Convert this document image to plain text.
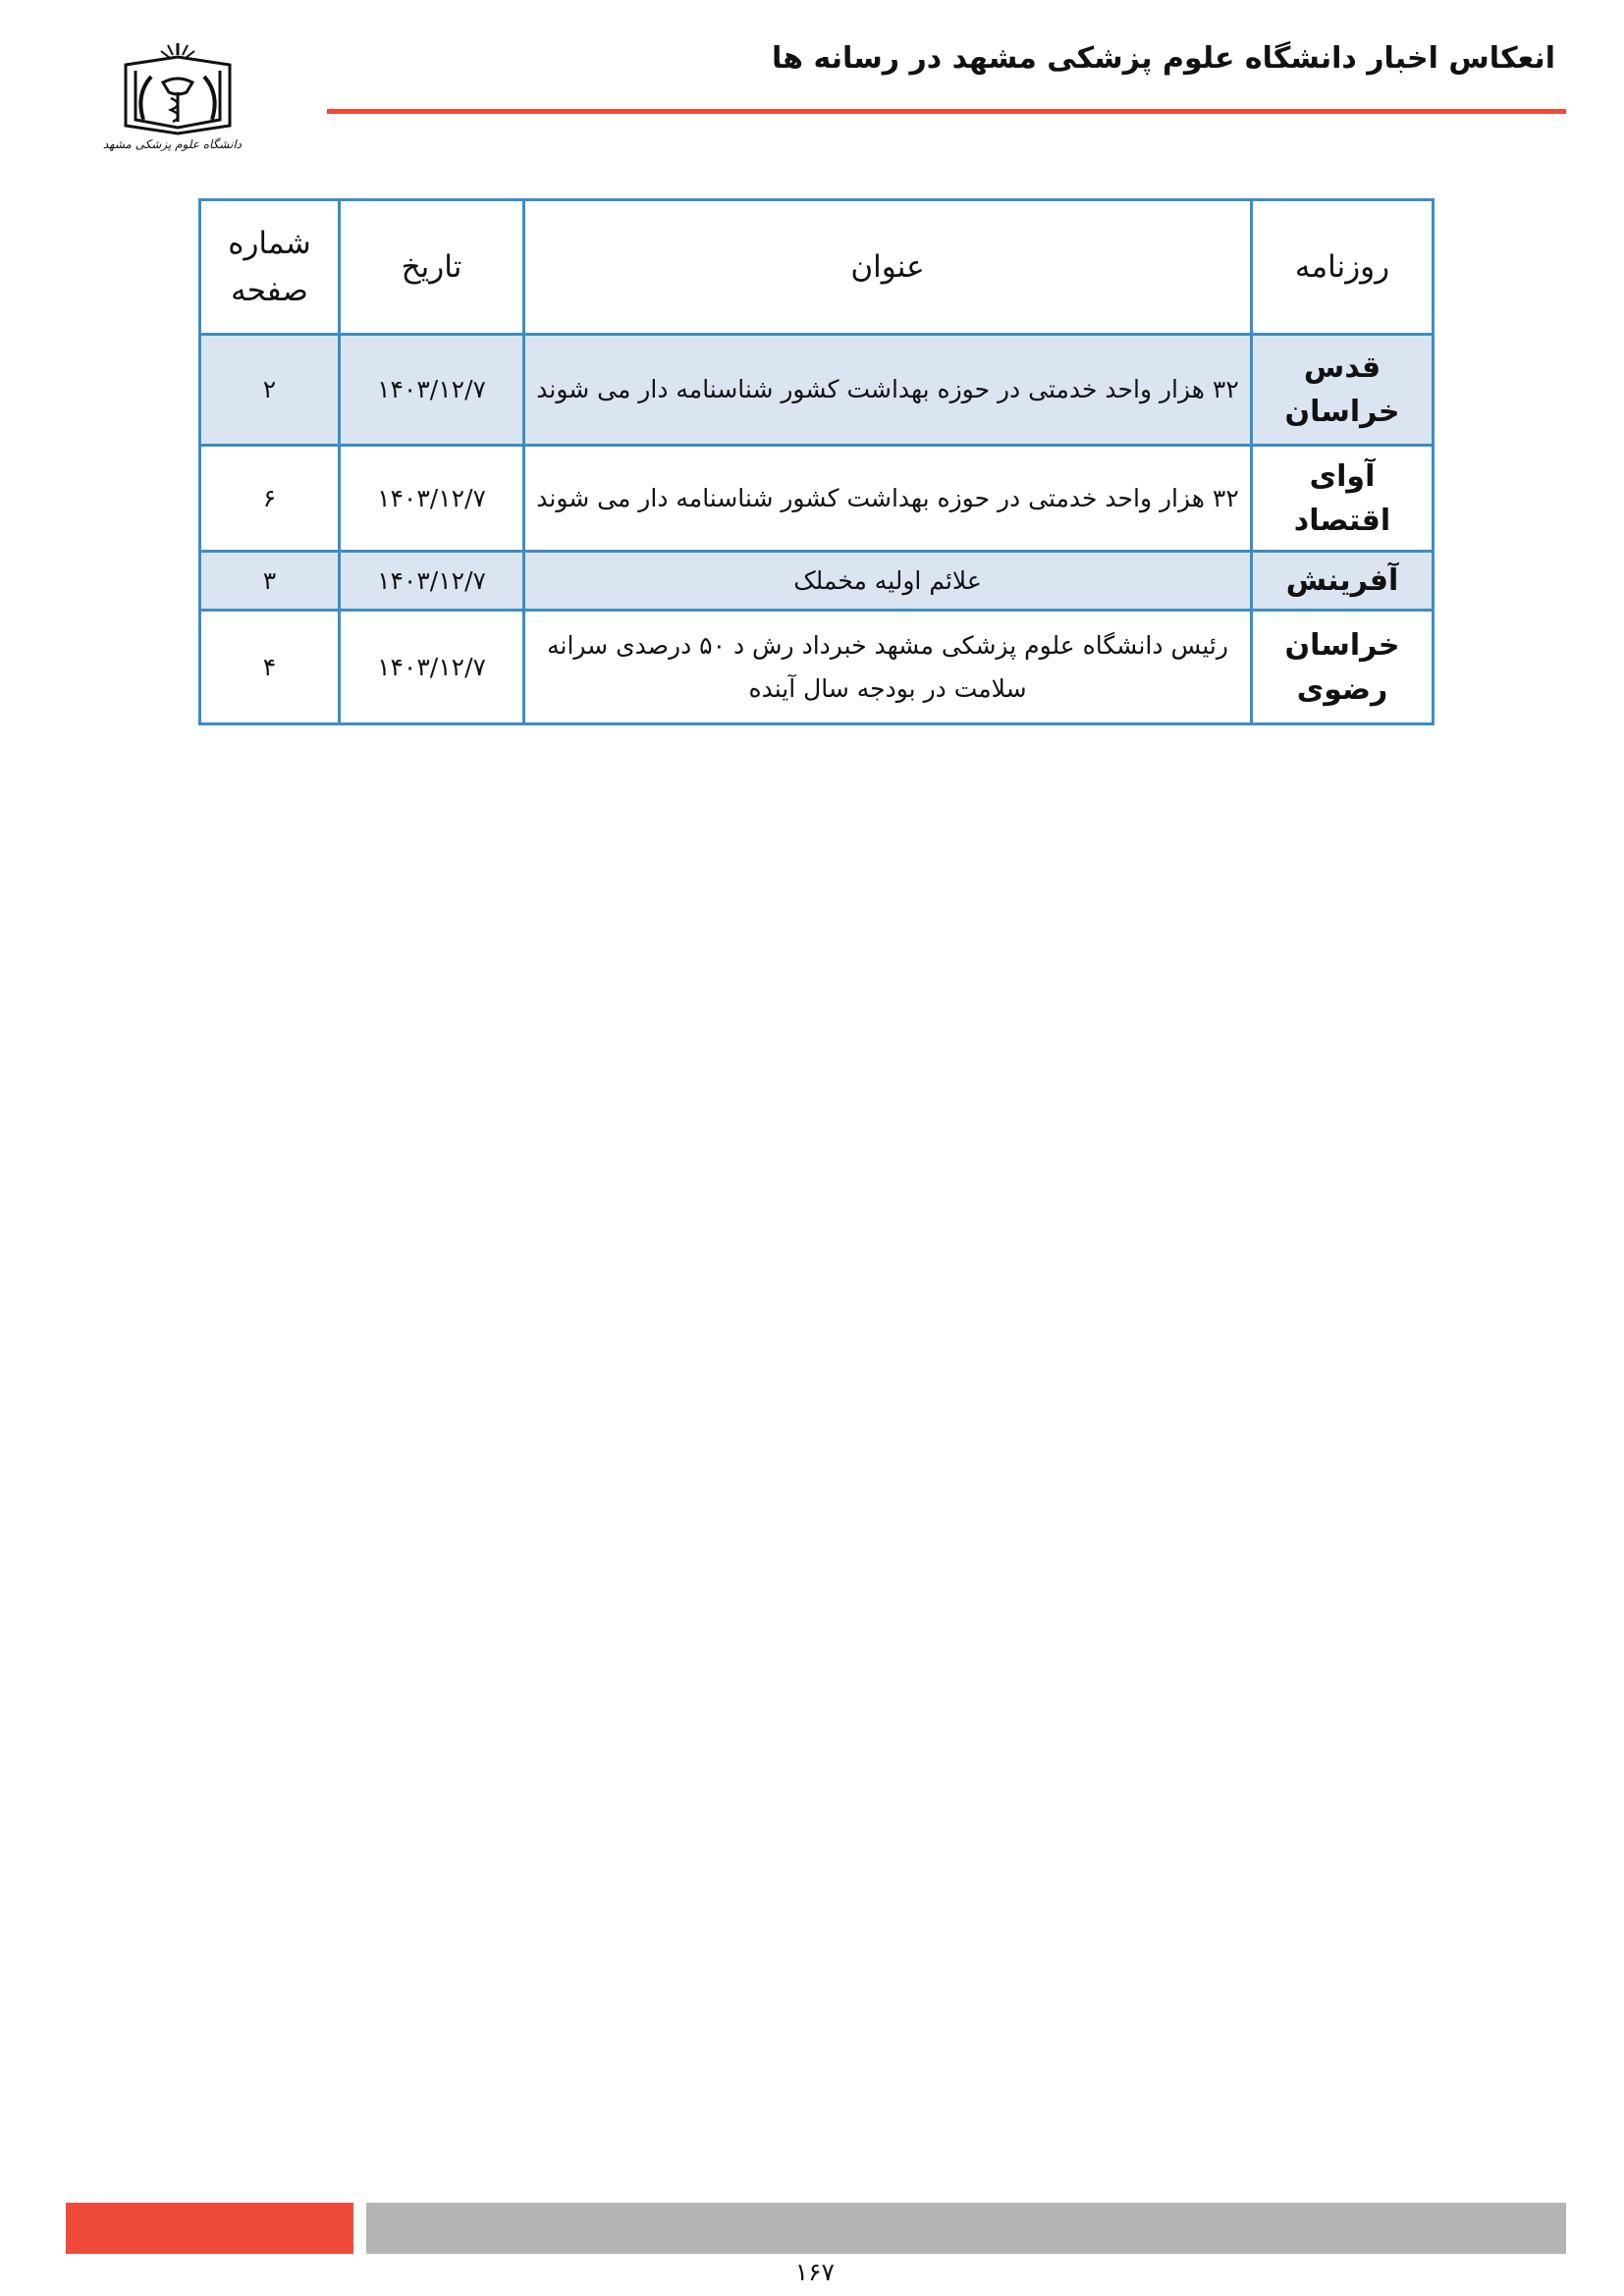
انعکاس اخبار دانشگاه علوم پزشکی مشهد در رسانه ها
دانشگاه علوم پزشکی مشهد
روزنامه	عنوان	تاریخ	شماره صفحه
قدس خراسان	۳۲ هزار واحد خدمتی در حوزه بهداشت کشور شناسنامه دار می شوند	۱۴۰۳/۱۲/۷	۲
آوای اقتصاد	۳۲ هزار واحد خدمتی در حوزه بهداشت کشور شناسنامه دار می شوند	۱۴۰۳/۱۲/۷	۶
آفرینش	علائم اولیه مخملک	۱۴۰۳/۱۲/۷	۳
خراسان رضوی	رئیس دانشگاه علوم پزشکی مشهد خبرداد رش د ۵۰ درصدی سرانه سلامت در بودجه سال آینده	۱۴۰۳/۱۲/۷	۴
۱۶۷
